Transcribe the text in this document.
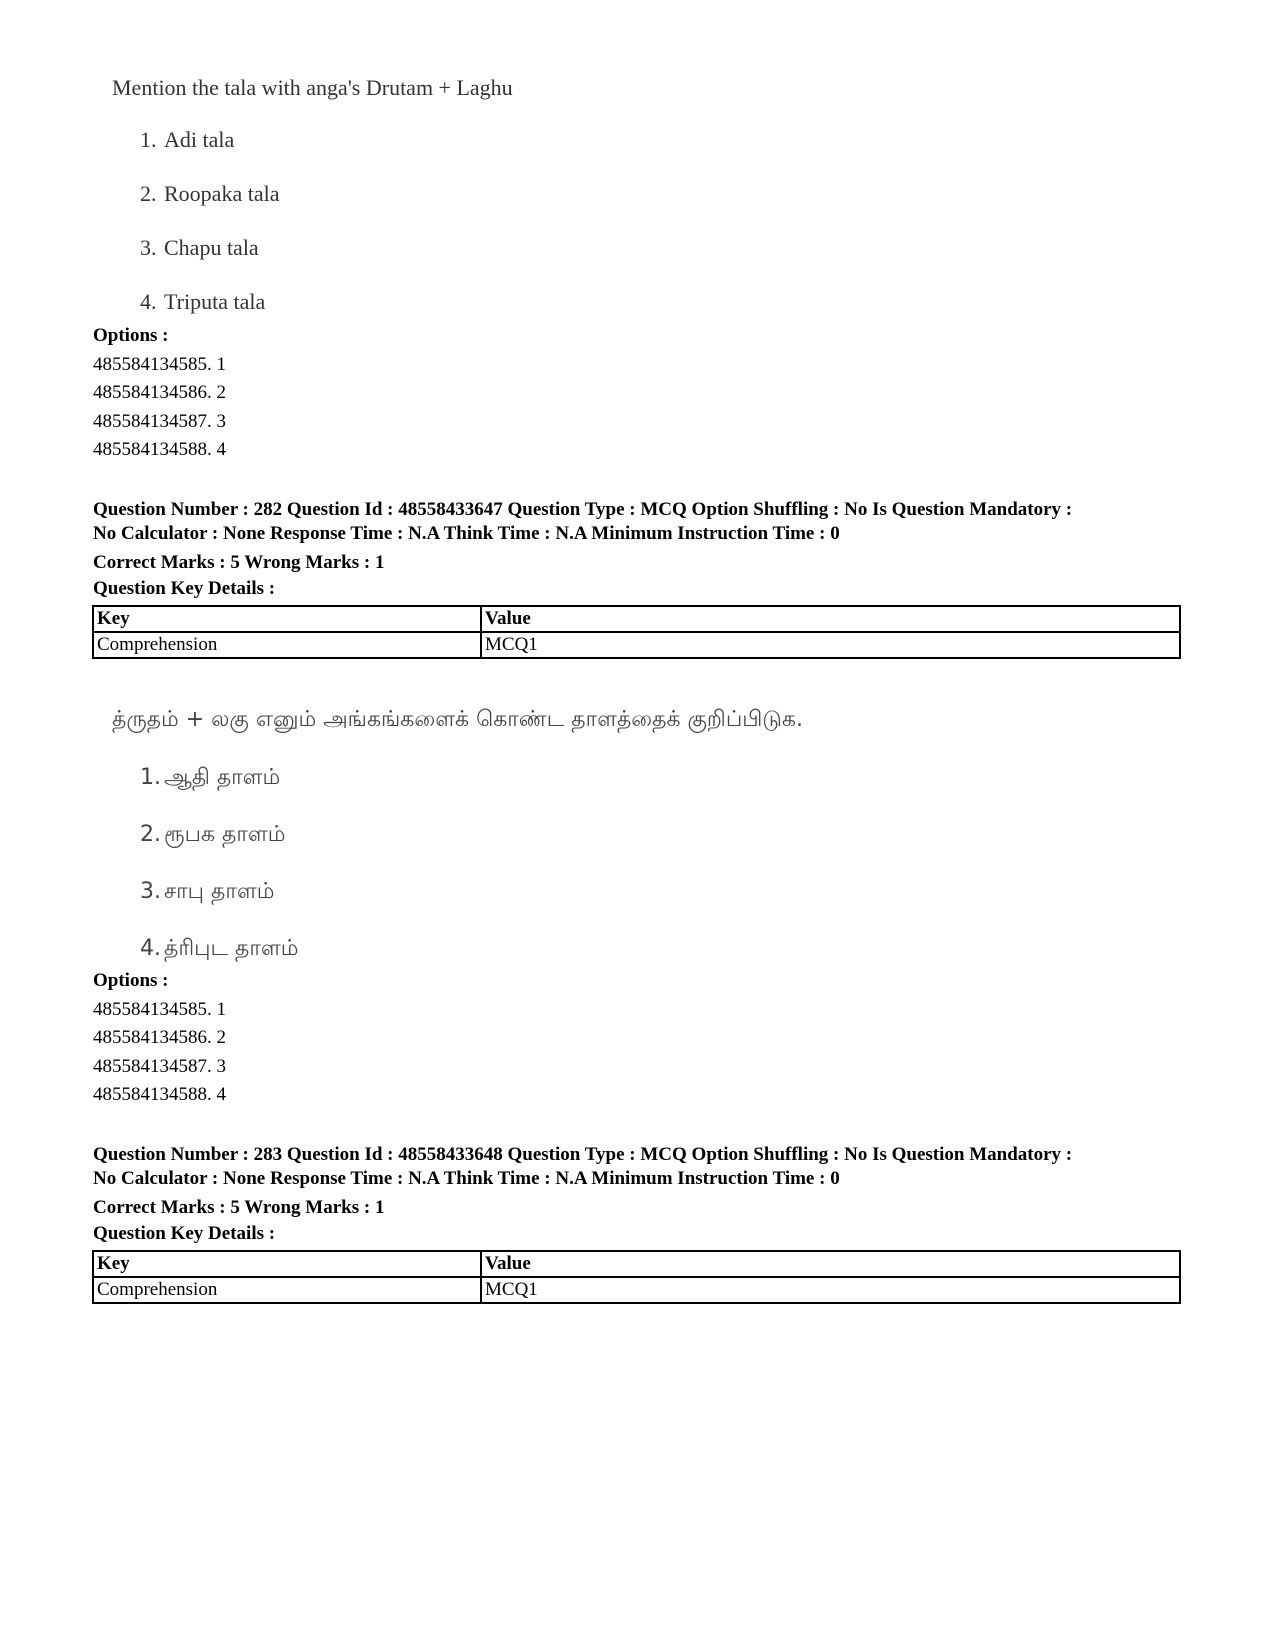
Mention the tala with anga's Drutam + Laghu

1. Adi tala
2. Roopaka tala
3. Chapu tala
4. Triputa tala
Options :
485584134585. 1
485584134586. 2
485584134587. 3
485584134588. 4
Question Number : 282 Question Id : 48558433647 Question Type : MCQ Option Shuffling : No Is Question Mandatory :
No Calculator : None Response Time : N.A Think Time : N.A Minimum Instruction Time : 0
Correct Marks : 5 Wrong Marks : 1
Question Key Details :
Key	Value
Comprehension	MCQ1

த்ருதம் + லகு எனும் அங்கங்களைக் கொண்ட தாளத்தைக் குறிப்பிடுக.

1. ஆதி தாளம்
2. ரூபக தாளம்
3. சாபு தாளம்
4. த்ரிபுட தாளம்
Options :
485584134585. 1
485584134586. 2
485584134587. 3
485584134588. 4
Question Number : 283 Question Id : 48558433648 Question Type : MCQ Option Shuffling : No Is Question Mandatory :
No Calculator : None Response Time : N.A Think Time : N.A Minimum Instruction Time : 0
Correct Marks : 5 Wrong Marks : 1
Question Key Details :
Key	Value
Comprehension	MCQ1
